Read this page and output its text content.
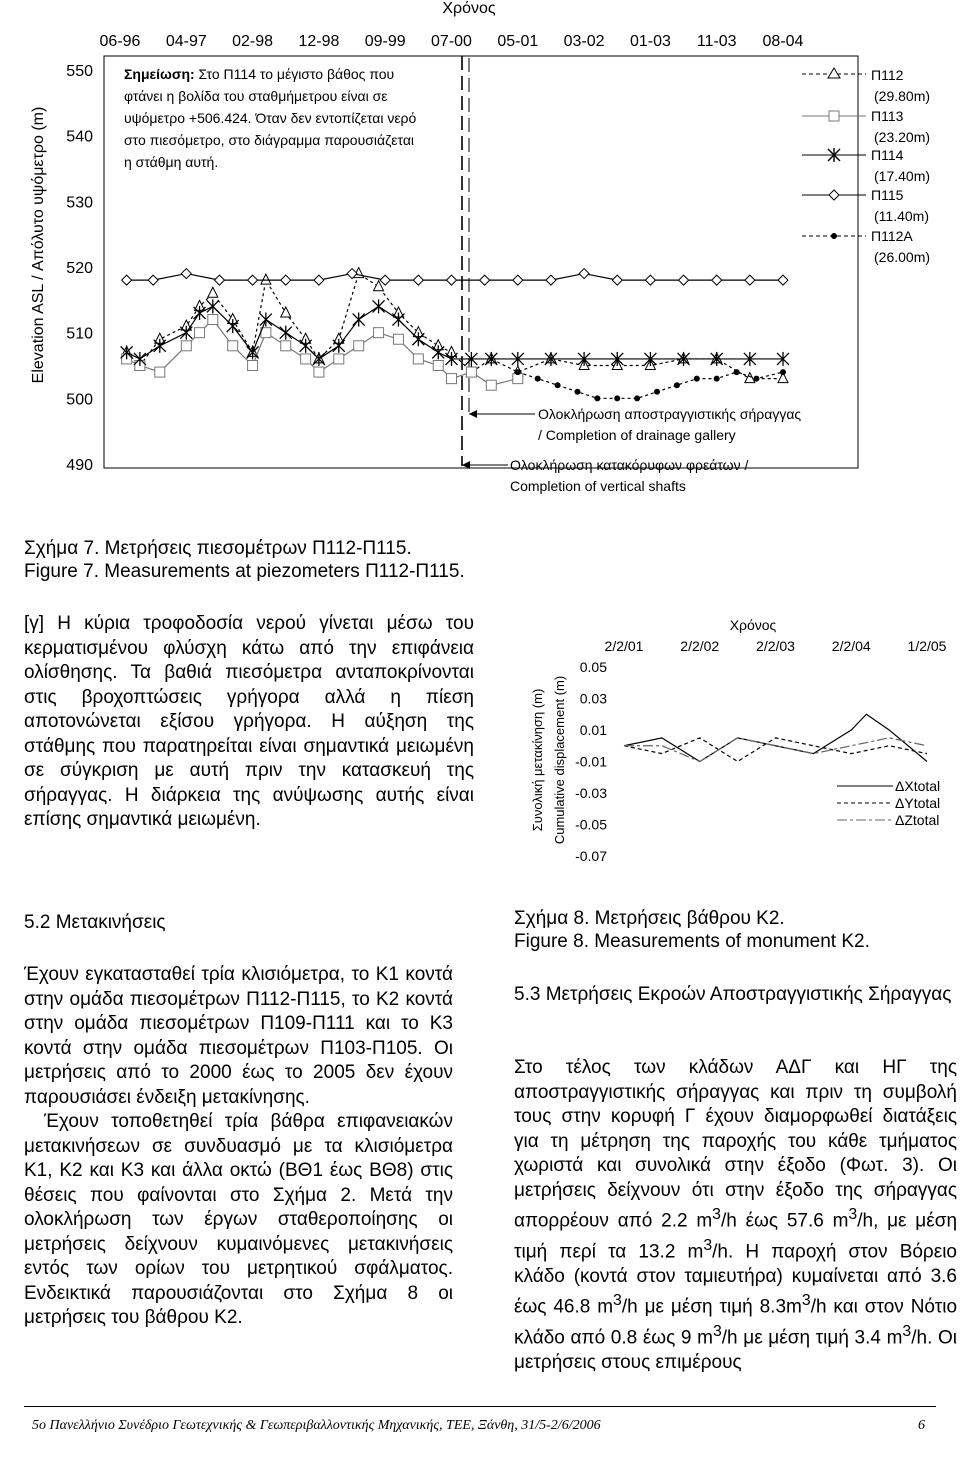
Χρόνος
06-96 04-97 02-98 12-98 09-99 07-00 05-01 03-02 01-03 11-03 08-04
550
540
530
520
510
500
490
Elevation ASL / Απόλυτο υψόμετρο (m)
Σημείωση: Στο Π114 το μέγιστο βάθος που
φτάνει η βολίδα του σταθμήμετρου είναι σε
υψόμετρο +506.424. Όταν δεν εντοπίζεται νερό
στο πιεσόμετρο, στο διάγραμμα παρουσιάζεται
η στάθμη αυτή.
Π112
(29.80m)
Π113
(23.20m)
Π114
(17.40m)
Π115
(11.40m)
Π112Α
(26.00m)
Ολοκλήρωση αποστραγγιστικής σήραγγας
/ Completion of drainage gallery
Ολοκλήρωση κατακόρυφων φρεάτων /
Completion of vertical shafts
Σχήμα 7. Μετρήσεις πιεσομέτρων Π112-Π115.
Figure 7. Measurements at piezometers Π112-Π115.

[γ] Η κύρια τροφοδοσία νερού γίνεται μέσω του κερματισμένου φλύσχη κάτω από την επιφάνεια ολίσθησης. Τα βαθιά πιεσόμετρα ανταποκρίνονται στις βροχοπτώσεις γρήγορα αλλά η πίεση αποτονώνεται εξίσου γρήγορα. Η αύξηση της στάθμης που παρατηρείται είναι σημαντικά μειωμένη σε σύγκριση με αυτή πριν την κατασκευή της σήραγγας. Η διάρκεια της ανύψωσης αυτής είναι επίσης σημαντικά μειωμένη.

5.2 Μετακινήσεις

Έχουν εγκατασταθεί τρία κλισιόμετρα, το Κ1 κοντά στην ομάδα πιεσομέτρων Π112-Π115, το Κ2 κοντά στην ομάδα πιεσομέτρων Π109-Π111 και το Κ3 κοντά στην ομάδα πιεσομέτρων Π103-Π105. Οι μετρήσεις από το 2000 έως το 2005 δεν έχουν παρουσιάσει ένδειξη μετακίνησης.

Έχουν τοποθετηθεί τρία βάθρα επιφανειακών μετακινήσεων σε συνδυασμό με τα κλισιόμετρα Κ1, Κ2 και Κ3 και άλλα οκτώ (ΒΘ1 έως ΒΘ8) στις θέσεις που φαίνονται στο Σχήμα 2. Μετά την ολοκλήρωση των έργων σταθεροποίησης οι μετρήσεις δείχνουν κυμαινόμενες μετακινήσεις εντός των ορίων του μετρητικού σφάλματος. Ενδεικτικά παρουσιάζονται στο Σχήμα 8 οι μετρήσεις του βάθρου Κ2.

Χρόνος
2/2/01	2/2/02	2/2/03	2/2/04	1/2/05
0.05
0.03
0.01
-0.01
-0.03
-0.05
-0.07
Συνολική μετακίνηση (m) Cumulative displacement (m)	ΔXtotal
ΔYtotal
ΔZtotal
Σχήμα 8. Μετρήσεις βάθρου Κ2.
Figure 8. Measurements of monument K2.

5.3 Μετρήσεις Εκροών Αποστραγγιστικής Σήραγγας

Στο τέλος των κλάδων ΑΔΓ και ΗΓ της αποστραγγιστικής σήραγγας και πριν τη συμβολή τους στην κορυφή Γ έχουν διαμορφωθεί διατάξεις για τη μέτρηση της παροχής του κάθε τμήματος χωριστά και συνολικά στην έξοδο (Φωτ. 3). Οι μετρήσεις δείχνουν ότι στην έξοδο της σήραγγας απορρέουν από 2.2 $m^3/h$ έως 57.6 $m^3/h$, με μέση τιμή περί τα 13.2 $m^3/h$. Η παροχή στον Βόρειο κλάδο (κοντά στον ταμιευτήρα) κυμαίνεται από 3.6 έως 46.8 $m^3/h$ με μέση τιμή $8.3m^3/h$ και στον Νότιο κλάδο από 0.8 έως 9 $m^3/h$ με μέση τιμή 3.4 $m^3/h$. Οι μετρήσεις στους επιμέρους

5ο Πανελλήνιο Συνέδριο Γεωτεχνικής & Γεωπεριβαλλοντικής Μηχανικής, ΤΕΕ, Ξάνθη, 31/5-2/6/2006	6
